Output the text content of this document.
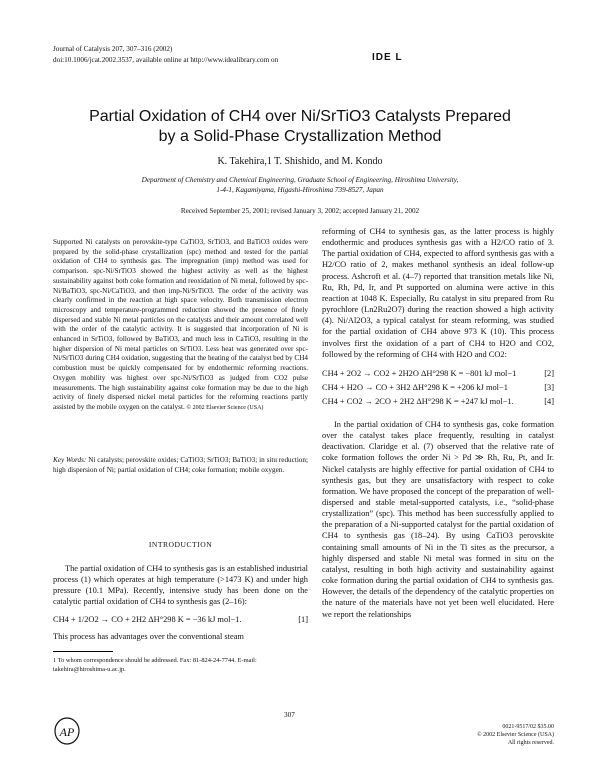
Journal of Catalysis 207, 307–316 (2002)
doi:10.1006/jcat.2002.3537, available online at http://www.idealibrary.com on	IDE L
Partial Oxidation of CH4 over Ni/SrTiO3 Catalysts Prepared
by a Solid-Phase Crystallization Method
K. Takehira,1 T. Shishido, and M. Kondo
Department of Chemistry and Chemical Engineering, Graduate School of Engineering, Hiroshima University,
1-4-1, Kagamiyama, Higashi-Hiroshima 739-8527, Japan
Received September 25, 2001; revised January 3, 2002; accepted January 21, 2002
Supported Ni catalysts on perovskite-type CaTiO3, SrTiO3, and BaTiO3 oxides were prepared by the solid-phase crystallization (spc) method and tested for the partial oxidation of CH4 to synthesis gas. The impregnation (imp) method was used for comparison. spc-Ni/SrTiO3 showed the highest activity as well as the highest sustainability against both coke formation and reoxidation of Ni metal, followed by spc-Ni/BaTiO3, spc-Ni/CaTiO3, and then imp-Ni/SrTiO3. The order of the activity was clearly confirmed in the reaction at high space velocity. Both transmission electron microscopy and temperature-programmed reduction showed the presence of finely dispersed and stable Ni metal particles on the catalysts and their amount correlated well with the order of the catalytic activity. It is suggested that incorporation of Ni is enhanced in SrTiO3, followed by BaTiO3, and much less in CaTiO3, resulting in the higher dispersion of Ni metal particles on SrTiO3. Less heat was generated over spc-Ni/SrTiO3 during CH4 oxidation, suggesting that the heating of the catalyst bed by CH4 combustion must be quickly compensated for by endothermic reforming reactions. Oxygen mobility was highest over spc-Ni/SrTiO3 as judged from CO2 pulse measurements. The high sustainability against coke formation may be due to the high activity of finely dispersed nickel metal particles for the reforming reactions partly assisted by the mobile oxygen on the catalyst. © 2002 Elsevier Science (USA)
Key Words: Ni catalysts; perovskite oxides; CaTiO3; SrTiO3; BaTiO3; in situ reduction; high dispersion of Ni; partial oxidation of CH4; coke formation; mobile oxygen.
INTRODUCTION
The partial oxidation of CH4 to synthesis gas is an established industrial process (1) which operates at high temperature (>1473 K) and under high pressure (10.1 MPa). Recently, intensive study has been done on the catalytic partial oxidation of CH4 to synthesis gas (2–16):
CH4 + 1/2O2 → CO + 2H2 ΔH°298 K = −36 kJ mol−1.	[1]
This process has advantages over the conventional steam
1 To whom correspondence should be addressed. Fax: 81-824-24-7744. E-mail: takehira@hiroshima-u.ac.jp.
reforming of CH4 to synthesis gas, as the latter process is highly endothermic and produces synthesis gas with a H2/CO ratio of 3. The partial oxidation of CH4, expected to afford synthesis gas with a H2/CO ratio of 2, makes methanol synthesis an ideal follow-up process. Ashcroft et al. (4–7) reported that transition metals like Ni, Ru, Rh, Pd, Ir, and Pt supported on alumina were active in this reaction at 1048 K. Especially, Ru catalyst in situ prepared from Ru pyrochlore (Ln2Ru2O7) during the reaction showed a high activity (4). Ni/Al2O3, a typical catalyst for steam reforming, was studied for the partial oxidation of CH4 above 973 K (10). This process involves first the oxidation of a part of CH4 to H2O and CO2, followed by the reforming of CH4 with H2O and CO2:
CH4 + 2O2 → CO2 + 2H2O ΔH°298 K = −801 kJ mol−1	[2]
CH4 + H2O → CO + 3H2 ΔH°298 K = +206 kJ mol−1	[3]
CH4 + CO2 → 2CO + 2H2 ΔH°298 K = +247 kJ mol−1.	[4]
In the partial oxidation of CH4 to synthesis gas, coke formation over the catalyst takes place frequently, resulting in catalyst deactivation. Claridge et al. (7) observed that the relative rate of coke formation follows the order Ni > Pd ≫ Rh, Ru, Pt, and Ir. Nickel catalysts are highly effective for partial oxidation of CH4 to synthesis gas, but they are unsatisfactory with respect to coke formation. We have proposed the concept of the preparation of well-dispersed and stable metal-supported catalysts, i.e., “solid-phase crystallization” (spc). This method has been successfully applied to the preparation of a Ni-supported catalyst for the partial oxidation of CH4 to synthesis gas (18–24). By using CaTiO3 perovskite containing small amounts of Ni in the Ti sites as the precursor, a highly dispersed and stable Ni metal was formed in situ on the catalyst, resulting in both high activity and sustainability against coke formation during the partial oxidation of CH4 to synthesis gas. However, the details of the dependency of the catalytic properties on the nature of the materials have not yet been well elucidated. Here we report the relationships
307
AP	0021-9517/02 $35.00
© 2002 Elsevier Science (USA)
All rights reserved.
